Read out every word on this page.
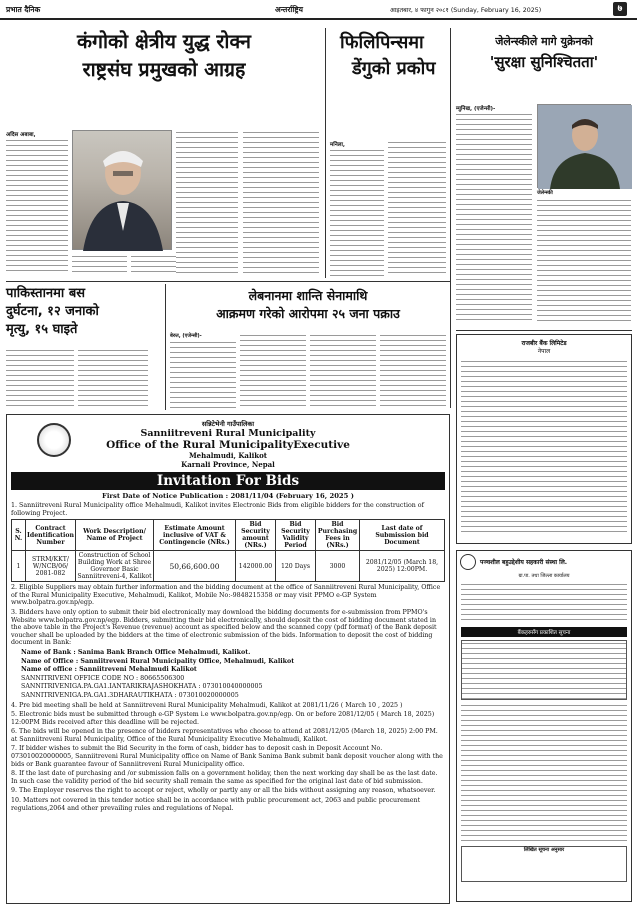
प्रभात दैनिक	अन्तर्राष्ट्रिय	आइतबार, ४ फागुन २०८१ (Sunday, February 16, 2025)	७
कंगोको क्षेत्रीय युद्ध रोक्न
राष्ट्रसंघ प्रमुखको आग्रह
अदिस अबाबा,
फिलिपिन्समा
डेंगुको प्रकोप
मनिला,
जेलेन्स्कीले मागे युक्रेनको
'सुरक्षा सुनिश्चितता'
म्युनिख, (एजेन्सी)-
जेलेन्स्की
पाकिस्तानमा बस
दुर्घटना, १२ जनाको
मृत्यु, १५ घाइते
लेबनानमा शान्ति सेनामाथि
आक्रमण गरेको आरोपमा २५ जना पक्राउ
बेरुत, (एजेन्सी)-
राजबीर बैंक लिमिटेड
नेपाल
पञ्चशील बहुउद्देशीय सहकारी संस्था लि.
ग्रा.पा. तथा जिल्ला कार्यालय
बैंकहरुसँग प्रकाशित सूचना
लिखित सूचना अनुसार
सन्निटेभेनी गाउँपालिका
Sanniitreveni Rural Municipality
Office of the Rural MunicipalityExecutive
Mehalmudi, Kalikot
Karnali Province, Nepal
Invitation For Bids
First Date of Notice Publication : 2081/11/04 (February 16, 2025 )
1. Sanniitreveni Rural Municipality office Mehalmudi, Kalikot invites Electronic Bids from eligible bidders for the construction of following Project.
S. N.	Contract Identification Number	Work Description/ Name of Project	Estimate Amount inclusive of VAT & Contingencie (NRs.)	Bid Security amount (NRs.)	Bid Security Validity Period	Bid Purchasing Fees in (NRs.)	Last date of Submission bid Document
1	STRM/KKT/ W/NCB/06/ 2081-082	Construction of School Building Work at Shree Governor Basic Sanniitreveni-4, Kalikot	50,66,600.00	142000.00	120 Days	3000	2081/12/05 (March 18, 2025) 12:00PM.
2. Eligible Suppliers may obtain further information and the bidding document at the office of Sanniitreveni Rural Municipality, Office of the Rural Municipality Executive, Mehalmudi, Kalikot, Mobile No:-9848215358 or may visit PPMO e-GP System www.bolpatra.gov.np/egp.
3. Bidders have only option to submit their bid electronically may download the bidding documents for e-submission from PPMO's Website www.bolpatra.gov.np/egp. Bidders, submitting their bid electronically, should deposit the cost of bidding document stated in the above table in the Project's Revenue (revenue) account as specified below and the scanned copy (pdf format) of the Bank deposit voucher shall be uploaded by the bidders at the time of electronic submission of the bids. Information to deposit the cost of bidding document in Bank:
Name of Bank : Sanima Bank Branch Office Mehalmudi, Kalikot.
Name of Office : Sanniitreveni Rural Municipality Office, Mehalmudi, Kalikot
Name of office : Sanniitreveni Mehalmudi Kalikot
SANNITRIVENI OFFICE CODE NO : 80665506300
SANNITRIVENIGA.PA.GA1.IANTARIKRAJASHOKHATA : 073010040000005
SANNITRIVENIGA.PA.GA1.3DHARAUTIKHATA : 073010020000005
4. Pre bid meeting shall be held at Sanniitreveni Rural Municipality Mehalmudi, Kalikot at 2081/11/26 ( March 10 , 2025 )
5. Electronic bids must be submitted through e-GP System i.e www.bolpatra.gov.np/egp. On or before 2081/12/05 ( March 18, 2025) 12:00PM Bids received after this deadline will be rejected.
6. The bids will be opened in the presence of bidders representatives who choose to attend at 2081/12/05 (March 18, 2025) 2:00 PM. at Sanniitreveni Rural Municipality, Office of the Rural Municipality Executive Mehalmudi, Kalikot.
7. If bidder wishes to submit the Bid Security in the form of cash, bidder has to deposit cash in Deposit Account No. 073010020000005, Sanniitreveni Rural Municipality office on Name of Bank Sanima Bank submit bank deposit voucher along with the bids or Bank guarantee favour of Sanniitreveni Rural Municipality office.
8. If the last date of purchasing and /or submission falls on a government holiday, then the next working day shall be as the last date. In such case the validity period of the bid security shall remain the same as specified for the original last date of bid submission.
9. The Employer reserves the right to accept or reject, wholly or partly any or all the bids without assigning any reason, whatsoever.
10. Matters not covered in this tender notice shall be in accordance with public procurement act, 2063 and public procurement regulations,2064 and other prevailing rules and regulations of Nepal.
